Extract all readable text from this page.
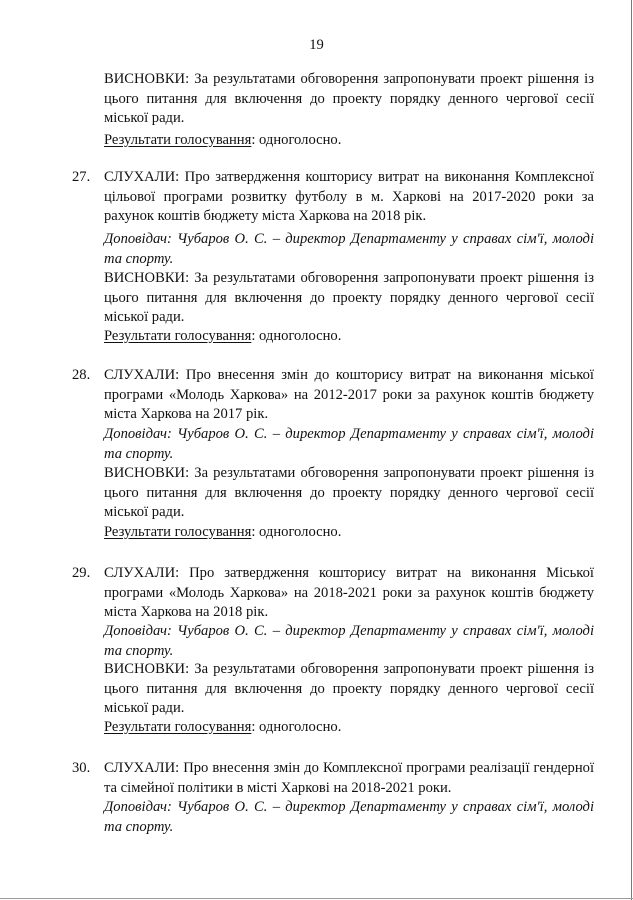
19

ВИСНОВКИ: За результатами обговорення запропонувати проект рішення із цього питання для включення до проекту порядку денного чергової сесії міської ради.

Результати голосування: одноголосно.

27. СЛУХАЛИ: Про затвердження кошторису витрат на виконання Комплексної цільової програми розвитку футболу в м. Харкові на 2017-2020 роки за рахунок коштів бюджету міста Харкова на 2018 рік.

Доповідач: Чубаров О. С. – директор Департаменту у справах сім'ї, молоді та спорту.

ВИСНОВКИ: За результатами обговорення запропонувати проект рішення із цього питання для включення до проекту порядку денного чергової сесії міської ради.

Результати голосування: одноголосно.

28. СЛУХАЛИ: Про внесення змін до кошторису витрат на виконання міської програми «Молодь Харкова» на 2012-2017 роки за рахунок коштів бюджету міста Харкова на 2017 рік.

Доповідач: Чубаров О. С. – директор Департаменту у справах сім'ї, молоді та спорту.

ВИСНОВКИ: За результатами обговорення запропонувати проект рішення із цього питання для включення до проекту порядку денного чергової сесії міської ради.

Результати голосування: одноголосно.

29. СЛУХАЛИ: Про затвердження кошторису витрат на виконання Міської програми «Молодь Харкова» на 2018-2021 роки за рахунок коштів бюджету міста Харкова на 2018 рік.

Доповідач: Чубаров О. С. – директор Департаменту у справах сім'ї, молоді та спорту.

ВИСНОВКИ: За результатами обговорення запропонувати проект рішення із цього питання для включення до проекту порядку денного чергової сесії міської ради.

Результати голосування: одноголосно.

30. СЛУХАЛИ: Про внесення змін до Комплексної програми реалізації гендерної та сімейної політики в місті Харкові на 2018-2021 роки.

Доповідач: Чубаров О. С. – директор Департаменту у справах сім'ї, молоді та спорту.
